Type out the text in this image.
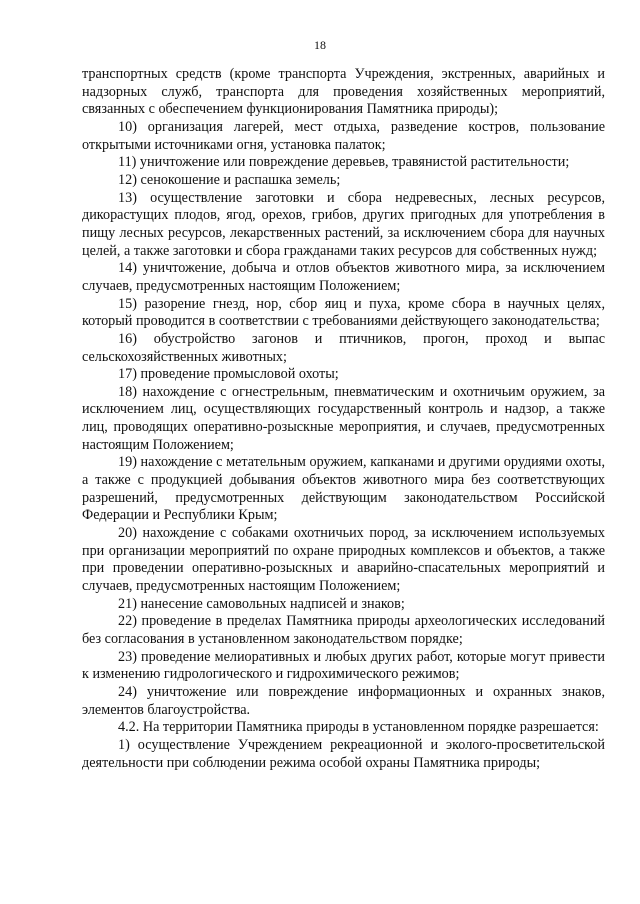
18

транспортных средств (кроме транспорта Учреждения, экстренных, аварийных и надзорных служб, транспорта для проведения хозяйственных мероприятий, связанных с обеспечением функционирования Памятника природы);

10) организация лагерей, мест отдыха, разведение костров, пользование открытыми источниками огня, установка палаток;

11) уничтожение или повреждение деревьев, травянистой растительности;

12) сенокошение и распашка земель;

13) осуществление заготовки и сбора недревесных, лесных ресурсов, дикорастущих плодов, ягод, орехов, грибов, других пригодных для употребления в пищу лесных ресурсов, лекарственных растений, за исключением сбора для научных целей, а также заготовки и сбора гражданами таких ресурсов для собственных нужд;

14) уничтожение, добыча и отлов объектов животного мира, за исключением случаев, предусмотренных настоящим Положением;

15) разорение гнезд, нор, сбор яиц и пуха, кроме сбора в научных целях, который проводится в соответствии с требованиями действующего законодательства;

16) обустройство загонов и птичников, прогон, проход и выпас сельскохозяйственных животных;

17) проведение промысловой охоты;

18) нахождение с огнестрельным, пневматическим и охотничьим оружием, за исключением лиц, осуществляющих государственный контроль и надзор, а также лиц, проводящих оперативно-розыскные мероприятия, и случаев, предусмотренных настоящим Положением;

19) нахождение с метательным оружием, капканами и другими орудиями охоты, а также с продукцией добывания объектов животного мира без соответствующих разрешений, предусмотренных действующим законодательством Российской Федерации и Республики Крым;

20) нахождение с собаками охотничьих пород, за исключением используемых при организации мероприятий по охране природных комплексов и объектов, а также при проведении оперативно-розыскных и аварийно-спасательных мероприятий и случаев, предусмотренных настоящим Положением;

21) нанесение самовольных надписей и знаков;

22) проведение в пределах Памятника природы археологических исследований без согласования в установленном законодательством порядке;

23) проведение мелиоративных и любых других работ, которые могут привести к изменению гидрологического и гидрохимического режимов;

24) уничтожение или повреждение информационных и охранных знаков, элементов благоустройства.

4.2. На территории Памятника природы в установленном порядке разрешается:

1) осуществление Учреждением рекреационной и эколого-просветительской деятельности при соблюдении режима особой охраны Памятника природы;
